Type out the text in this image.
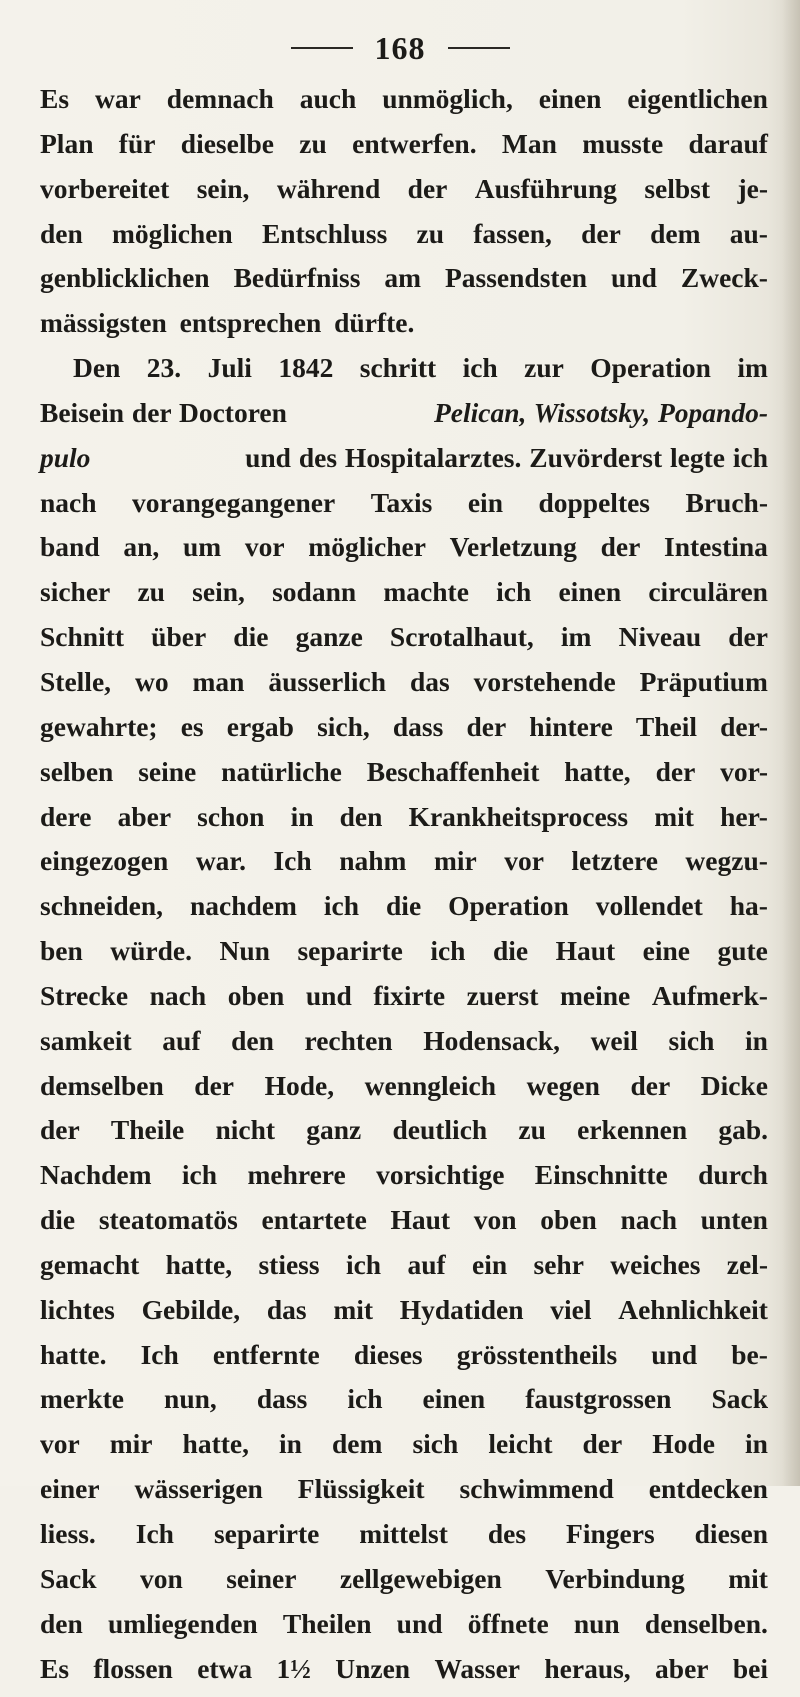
168
Es war demnach auch unmöglich, einen eigentlichen
Plan für dieselbe zu entwerfen. Man musste darauf
vorbereitet sein, während der Ausführung selbst je-
den möglichen Entschluss zu fassen, der dem au-
genblicklichen Bedürfniss am Passendsten und Zweck-
mässigsten entsprechen dürfte.
Den 23. Juli 1842 schritt ich zur Operation im
Beisein der Doctoren	Pelican, Wissotsky, Popando-
pulo	und des Hospitalarztes. Zuvörderst legte ich
nach vorangegangener Taxis ein doppeltes Bruch-
band an, um vor möglicher Verletzung der Intestina
sicher zu sein, sodann machte ich einen circulären
Schnitt über die ganze Scrotalhaut, im Niveau der
Stelle, wo man äusserlich das vorstehende Präputium
gewahrte; es ergab sich, dass der hintere Theil der-
selben seine natürliche Beschaffenheit hatte, der vor-
dere aber schon in den Krankheitsprocess mit her-
eingezogen war. Ich nahm mir vor letztere wegzu-
schneiden, nachdem ich die Operation vollendet ha-
ben würde. Nun separirte ich die Haut eine gute
Strecke nach oben und fixirte zuerst meine Aufmerk-
samkeit auf den rechten Hodensack, weil sich in
demselben der Hode, wenngleich wegen der Dicke
der Theile nicht ganz deutlich zu erkennen gab.
Nachdem ich mehrere vorsichtige Einschnitte durch
die steatomatös entartete Haut von oben nach unten
gemacht hatte, stiess ich auf ein sehr weiches zel-
lichtes Gebilde, das mit Hydatiden viel Aehnlichkeit
hatte. Ich entfernte dieses grösstentheils und be-
merkte nun, dass ich einen faustgrossen Sack
vor mir hatte, in dem sich leicht der Hode in
einer wässerigen Flüssigkeit schwimmend entdecken
liess. Ich separirte mittelst des Fingers diesen
Sack von seiner zellgewebigen Verbindung mit
den umliegenden Theilen und öffnete nun denselben.
Es flossen etwa 1½ Unzen Wasser heraus, aber bei
